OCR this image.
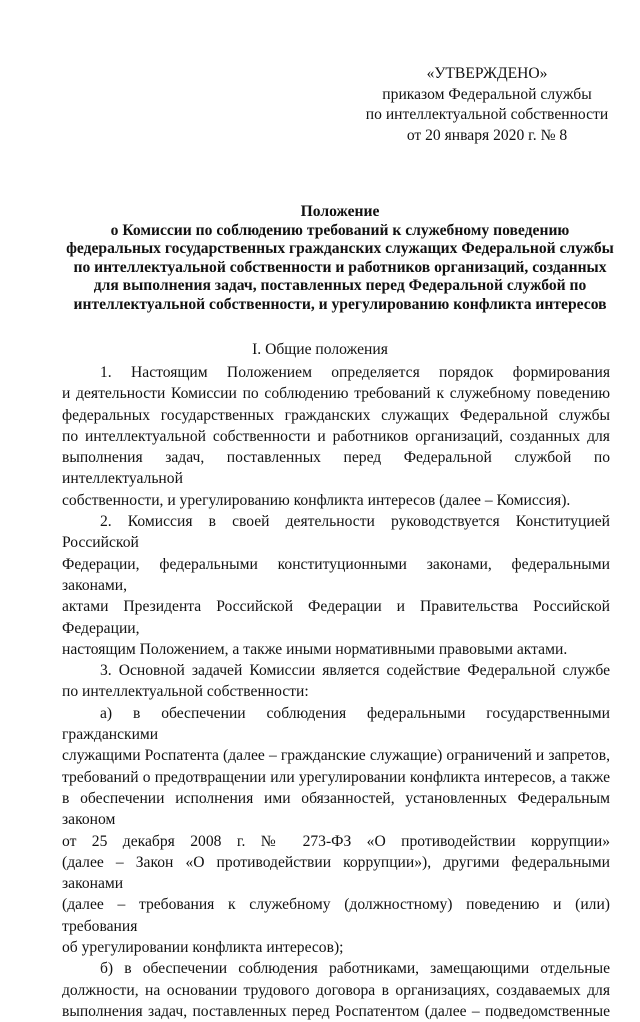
«УТВЕРЖДЕНО»
приказом Федеральной службы
по интеллектуальной собственности
от 20 января 2020 г. № 8
Положение
о Комиссии по соблюдению требований к служебному поведению
федеральных государственных гражданских служащих Федеральной службы
по интеллектуальной собственности и работников организаций, созданных
для выполнения задач, поставленных перед Федеральной службой по
интеллектуальной собственности, и урегулированию конфликта интересов
I. Общие положения

1. Настоящим Положением определяется порядок формирования

и деятельности Комиссии по соблюдению требований к служебному поведению

федеральных государственных гражданских служащих Федеральной службы

по интеллектуальной собственности и работников организаций, созданных для

выполнения задач, поставленных перед Федеральной службой по интеллектуальной

собственности, и урегулированию конфликта интересов (далее – Комиссия).

2. Комиссия в своей деятельности руководствуется Конституцией Российской

Федерации, федеральными конституционными законами, федеральными законами,

актами Президента Российской Федерации и Правительства Российской Федерации,

настоящим Положением, а также иными нормативными правовыми актами.

3. Основной задачей Комиссии является содействие Федеральной службе

по интеллектуальной собственности:

а) в обеспечении соблюдения федеральными государственными гражданскими

служащими Роспатента (далее – гражданские служащие) ограничений и запретов,

требований о предотвращении или урегулировании конфликта интересов, а также

в обеспечении исполнения ими обязанностей, установленных Федеральным законом

от 25 декабря 2008 г. № 273-ФЗ «О противодействии коррупции»

(далее – Закон «О противодействии коррупции»), другими федеральными законами

(далее – требования к служебному (должностному) поведению и (или) требования

об урегулировании конфликта интересов);

б) в обеспечении соблюдения работниками, замещающими отдельные

должности, на основании трудового договора в организациях, создаваемых для

выполнения задач, поставленных перед Роспатентом (далее – подведомственные
